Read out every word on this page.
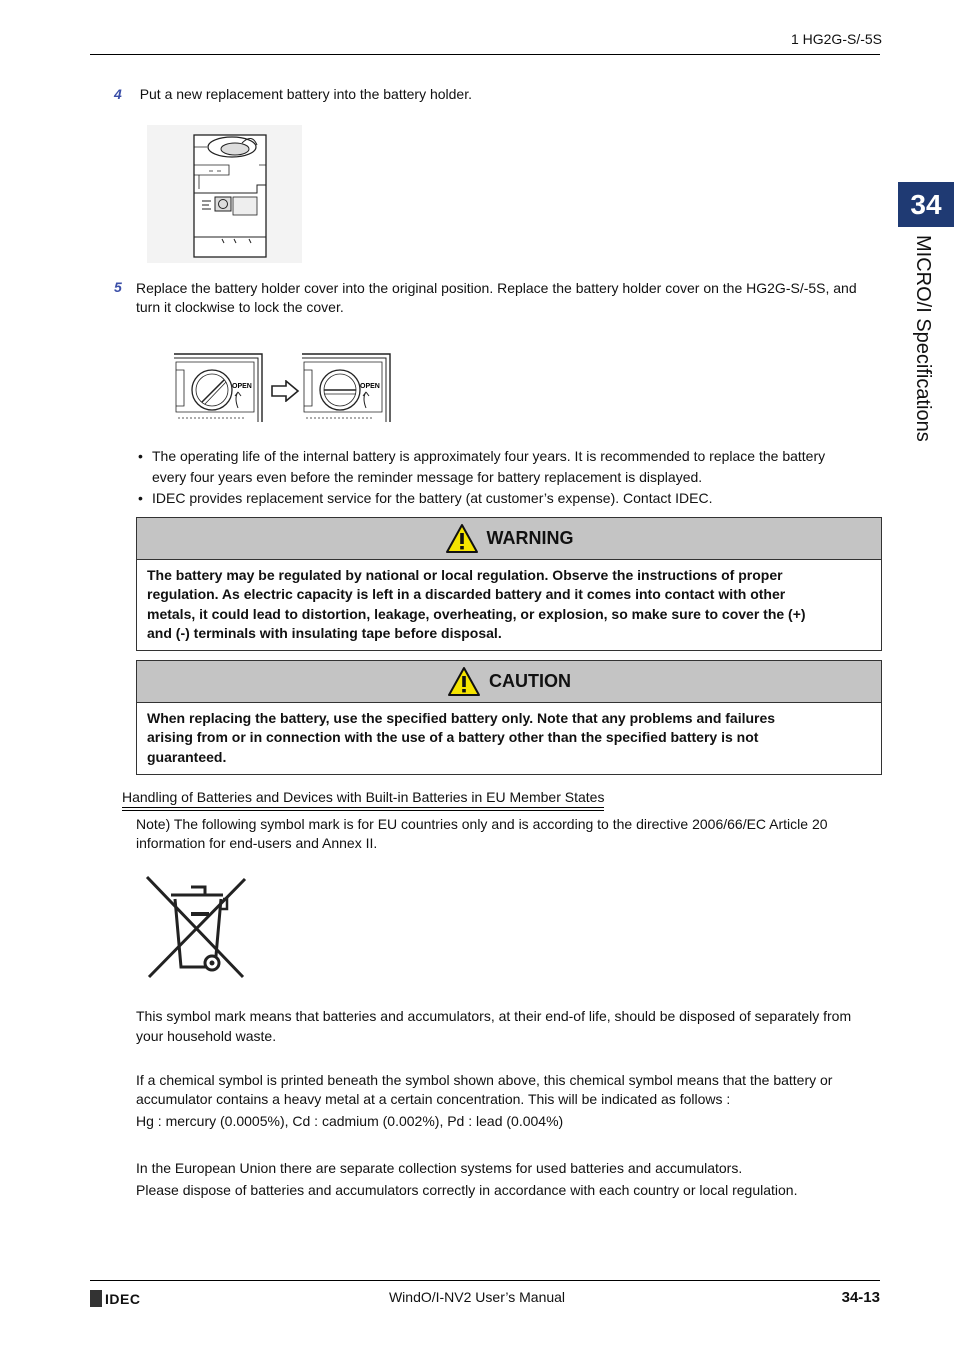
1 HG2G-S/-5S
34
MICRO/I Specifications
4 Put a new replacement battery into the battery holder.
5 Replace the battery holder cover into the original position. Replace the battery holder cover on the HG2G-S/-5S, and
turn it clockwise to lock the cover.
OPEN	OPEN
• The operating life of the internal battery is approximately four years. It is recommended to replace the battery
every four years even before the reminder message for battery replacement is displayed.
• IDEC provides replacement service for the battery (at customer’s expense). Contact IDEC.
WARNING
The battery may be regulated by national or local regulation. Observe the instructions of proper
regulation. As electric capacity is left in a discarded battery and it comes into contact with other
metals, it could lead to distortion, leakage, overheating, or explosion, so make sure to cover the (+)
and (-) terminals with insulating tape before disposal.
CAUTION
When replacing the battery, use the specified battery only. Note that any problems and failures
arising from or in connection with the use of a battery other than the specified battery is not
guaranteed.
Handling of Batteries and Devices with Built-in Batteries in EU Member States
Note) The following symbol mark is for EU countries only and is according to the directive 2006/66/EC Article 20
information for end-users and Annex II.
This symbol mark means that batteries and accumulators, at their end-of life, should be disposed of separately from
your household waste.
If a chemical symbol is printed beneath the symbol shown above, this chemical symbol means that the battery or
accumulator contains a heavy metal at a certain concentration. This will be indicated as follows :
Hg : mercury (0.0005%), Cd : cadmium (0.002%), Pd : lead (0.004%)
In the European Union there are separate collection systems for used batteries and accumulators.
Please dispose of batteries and accumulators correctly in accordance with each country or local regulation.
IDEC	WindO/I-NV2 User’s Manual	34-13
